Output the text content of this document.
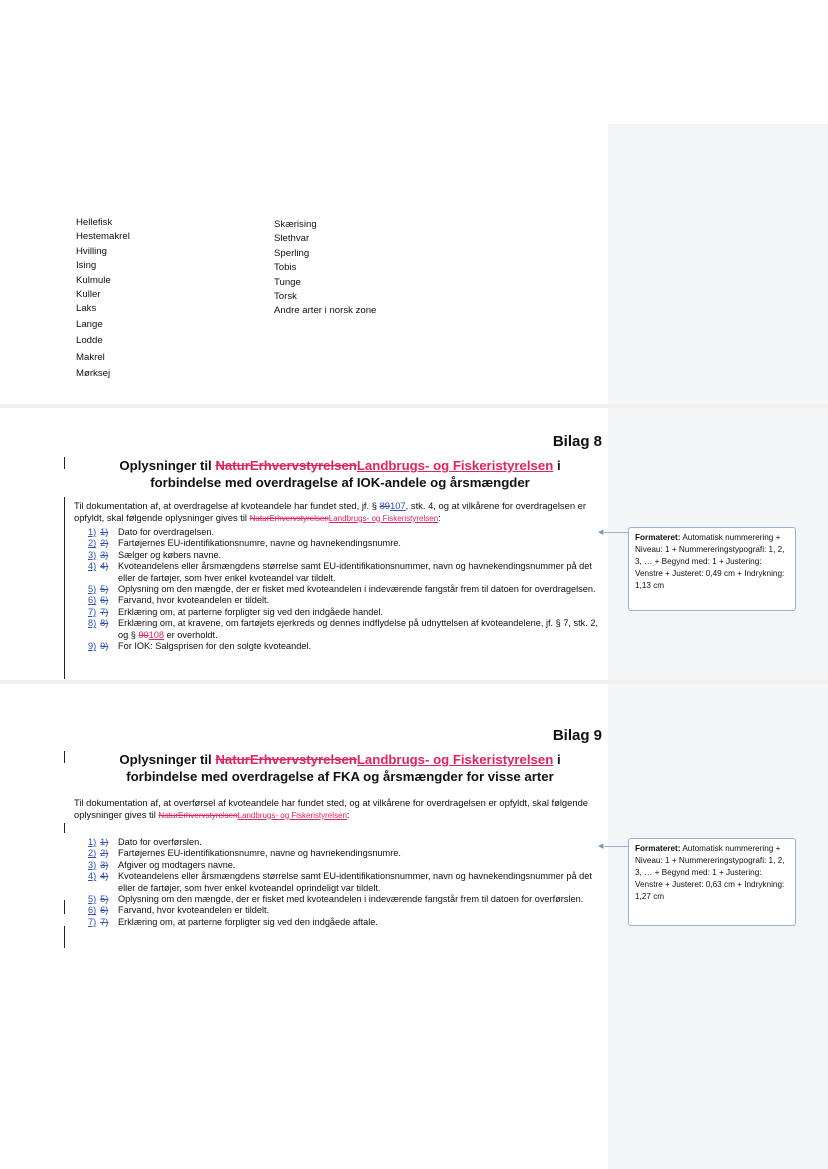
Hellefisk
Hestemakrel
Hvilling
Ising
Kulmule
Kuller
Laks
Lange
Lodde
Makrel
Mørksej
Skærising
Slethvar
Sperling
Tobis
Tunge
Torsk
Andre arter i norsk zone
Bilag 8
Oplysninger til NaturErhvervstyrelsenLandbrugs- og Fiskeristyrelsen i
forbindelse med overdragelse af IOK-andele og årsmængder
Til dokumentation af, at overdragelse af kvoteandele har fundet sted, jf. § 89107, stk. 4, og at vilkårene for overdragelsen er opfyldt, skal følgende oplysninger gives til NaturErhvervstyrelsenLandbrugs- og Fiskeristyrelsen:
1) 1)	Dato for overdragelsen.
2) 2)	Fartøjernes EU-identifikationsnumre, navne og havnekendingsnumre.
3) 3)	Sælger og købers navne.
4) 4)	Kvoteandelens eller årsmængdens størrelse samt EU-identifikationsnummer, navn og havnekendingsnummer på det eller de fartøjer, som hver enkel kvoteandel var tildelt.
5) 5)	Oplysning om den mængde, der er fisket med kvoteandelen i indeværende fangstår frem til datoen for overdragelsen.
6) 6)	Farvand, hvor kvoteandelen er tildelt.
7) 7)	Erklæring om, at parterne forpligter sig ved den indgåede handel.
8) 8)	Erklæring om, at kravene, om fartøjets ejerkreds og dennes indflydelse på udnyttelsen af kvoteandelene, jf. § 7, stk. 2, og § 90108 er overholdt.
9) 9)	For IOK: Salgsprisen for den solgte kvoteandel.
◀
Formateret: Automatisk nummerering + Niveau: 1 + Nummereringstypografi: 1, 2, 3, … + Begynd med: 1 + Justering: Venstre + Justeret: 0,49 cm + Indrykning: 1,13 cm
Bilag 9
Oplysninger til NaturErhvervstyrelsenLandbrugs- og Fiskeristyrelsen i
forbindelse med overdragelse af FKA og årsmængder for visse arter
Til dokumentation af, at overførsel af kvoteandele har fundet sted, og at vilkårene for overdragelsen er opfyldt, skal følgende oplysninger gives til NaturErhvervstyrelsenLandbrugs- og Fiskeristyrelsen:
1) 1)	Dato for overførslen.
2) 2)	Fartøjernes EU-identifikationsnumre, navne og havnekendingsnumre.
3) 3)	Afgiver og modtagers navne.
4) 4)	Kvoteandelens eller årsmængdens størrelse samt EU-identifikationsnummer, navn og havnekendingsnummer på det eller de fartøjer, som hver enkel kvoteandel oprindeligt var tildelt.
5) 5)	Oplysning om den mængde, der er fisket med kvoteandelen i indeværende fangstår frem til datoen for overførslen.
6) 6)	Farvand, hvor kvoteandelen er tildelt.
7) 7)	Erklæring om, at parterne forpligter sig ved den indgåede aftale.
◀	Formateret: Automatisk nummerering + Niveau: 1 + Nummereringstypografi: 1, 2, 3, … + Begynd med: 1 + Justering: Venstre + Justeret: 0,63 cm + Indrykning: 1,27 cm
